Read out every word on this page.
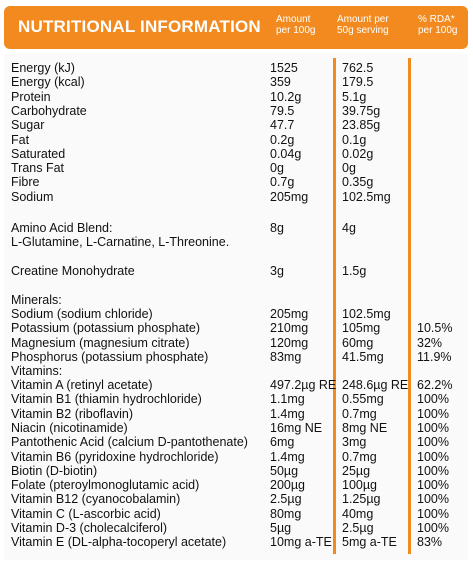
NUTRITIONAL INFORMATION Amount
per 100g
Amount per
50g serving
% RDA*
per 100g
Energy (kJ)	1525	762.5
Energy (kcal)	359	179.5
Protein	10.2g	5.1g
Carbohydrate	79.5	39.75g
Sugar	47.7	23.85g
Fat	0.2g	0.1g
Saturated	0.04g	0.02g
Trans Fat	0g	0g
Fibre	0.7g	0.35g
Sodium	205mg	102.5mg
Amino Acid Blend:	8g	4g
L-Glutamine, L-Carnatine, L-Threonine.
Creatine Monohydrate	3g	1.5g
Minerals:
Sodium (sodium chloride)	205mg	102.5mg
Potassium (potassium phosphate)	210mg	105mg	10.5%
Magnesium (magnesium citrate)	120mg	60mg	32%
Phosphorus (potassium phosphate)	83mg	41.5mg	11.9%
Vitamins:
Vitamin A (retinyl acetate)	497.2µg RE 248.6µg RE 62.2%
Vitamin B1 (thiamin hydrochloride)	1.1mg	0.55mg	100%
Vitamin B2 (riboflavin)	1.4mg	0.7mg	100%
Niacin (nicotinamide)	16mg NE 8mg NE 100%
Pantothenic Acid (calcium D-pantothenate) 6mg	3mg	100%
Vitamin B6 (pyridoxine hydrochloride)	1.4mg	0.7mg	100%
Biotin (D-biotin)	50µg	25µg	100%
Folate (pteroylmonoglutamic acid)	200µg	100µg	100%
Vitamin B12 (cyanocobalamin)	2.5µg	1.25µg	100%
Vitamin C (L-ascorbic acid)	80mg	40mg	100%
Vitamin D-3 (cholecalciferol)	5µg	2.5µg	100%
Vitamin E (DL-alpha-tocoperyl acetate)	10mg a-TE 5mg a-TE 83%
